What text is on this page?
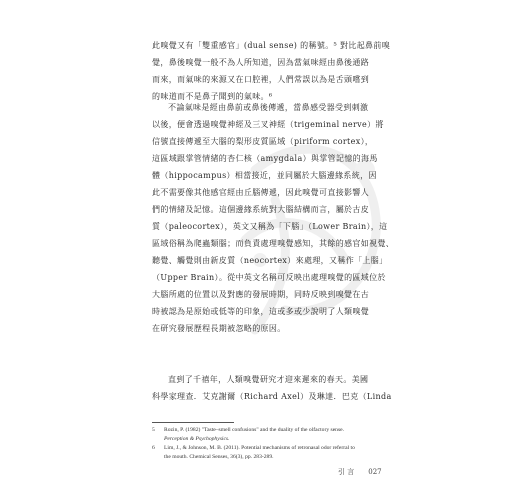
此嗅覺又有「雙重感官」(dual sense) 的稱號。⁵ 對比起鼻前嗅
覺，鼻後嗅覺一般不為人所知道，因為當氣味經由鼻後通路
而來，而氣味的來源又在口腔裡，人們常誤以為是舌頭嚐到
的味道而不是鼻子聞到的氣味。⁶
不論氣味是經由鼻前或鼻後傳遞，當鼻感受器受到刺激
以後，便會透過嗅覺神經及三叉神經（trigeminal nerve）將
信號直接傳遞至大腦的梨形皮質區域（piriform cortex），
這區域跟掌管情緒的杏仁核（amygdala）與掌管記憶的海馬
體（hippocampus）相當接近，並同屬於大腦邊緣系統，因
此不需要像其他感官經由丘腦傳遞，因此嗅覺可直接影響人
們的情緒及記憶。這個邊緣系統對大腦結構而言，屬於古皮
質（paleocortex），英文又稱為「下腦」（Lower Brain），這
區域俗稱為爬蟲類腦；而負責處理嗅覺感知，其餘的感官如視覺、
聽覺、觸覺則由新皮質（neocortex）來處理，又稱作「上腦」
（Upper Brain）。從中英文名稱可反映出處理嗅覺的區域位於
大腦所處的位置以及對應的發展時期，同時反映到嗅覺在古
時被認為是原始或低等的印象，這或多或少說明了人類嗅覺
在研究發展歷程長期被忽略的原因。
直到了千禧年，人類嗅覺研究才迎來遲來的春天。美國
科學家理查．艾克謝爾（Richard Axel）及琳達．巴克（Linda
5 Rozin, P. (1982) "Taste–smell confusions" and the duality of the olfactory sense.
Perception & Psychophysics.
6 Lim, J., & Johnson, M. B. (2011). Potential mechanisms of retronasal odor referral to
the mouth. Chemical Senses, 36(3), pp. 283-289.
引 言 027
